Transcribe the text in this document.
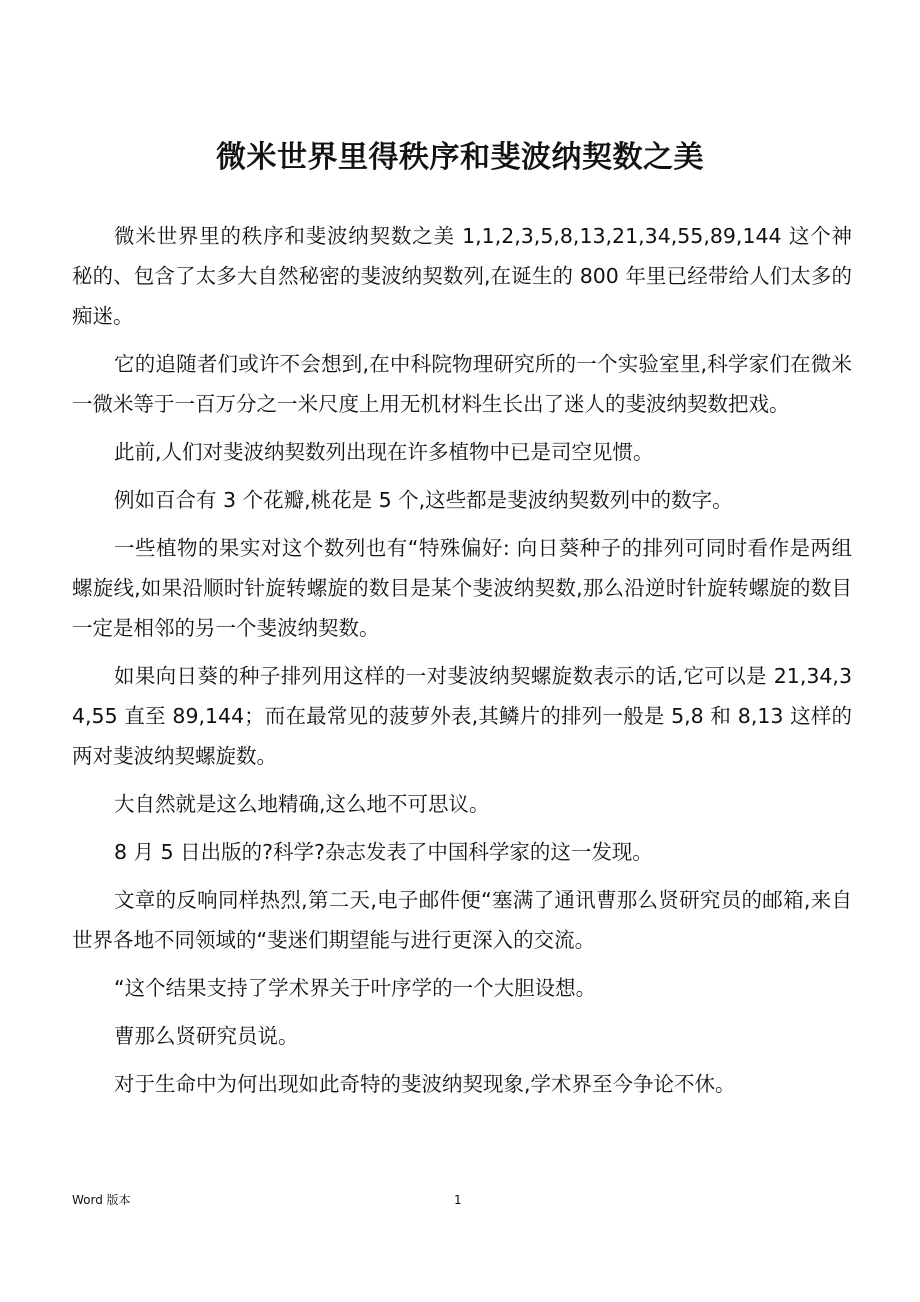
微米世界里得秩序和斐波纳契数之美

微米世界里的秩序和斐波纳契数之美 1,1,2,3,5,8,13,21,34,55,89,144 这个神秘的、包含了太多大自然秘密的斐波纳契数列,在诞生的 800 年里已经带给人们太多的痴迷。

它的追随者们或许不会想到,在中科院物理研究所的一个实验室里,科学家们在微米一微米等于一百万分之一米尺度上用无机材料生长出了迷人的斐波纳契数把戏。

此前,人们对斐波纳契数列出现在许多植物中已是司空见惯。

例如百合有 3 个花瓣,桃花是 5 个,这些都是斐波纳契数列中的数字。

一些植物的果实对这个数列也有“特殊偏好: 向日葵种子的排列可同时看作是两组螺旋线,如果沿顺时针旋转螺旋的数目是某个斐波纳契数,那么沿逆时针旋转螺旋的数目一定是相邻的另一个斐波纳契数。

如果向日葵的种子排列用这样的一对斐波纳契螺旋数表示的话,它可以是 21,34,34,55 直至 89,144；而在最常见的菠萝外表,其鳞片的排列一般是 5,8 和 8,13 这样的两对斐波纳契螺旋数。

大自然就是这么地精确,这么地不可思议。

8 月 5 日出版的?科学?杂志发表了中国科学家的这一发现。

文章的反响同样热烈,第二天,电子邮件便“塞满了通讯曹那么贤研究员的邮箱,来自世界各地不同领域的“斐迷们期望能与进行更深入的交流。

“这个结果支持了学术界关于叶序学的一个大胆设想。

曹那么贤研究员说。

对于生命中为何出现如此奇特的斐波纳契现象,学术界至今争论不休。

Word 版本	1
